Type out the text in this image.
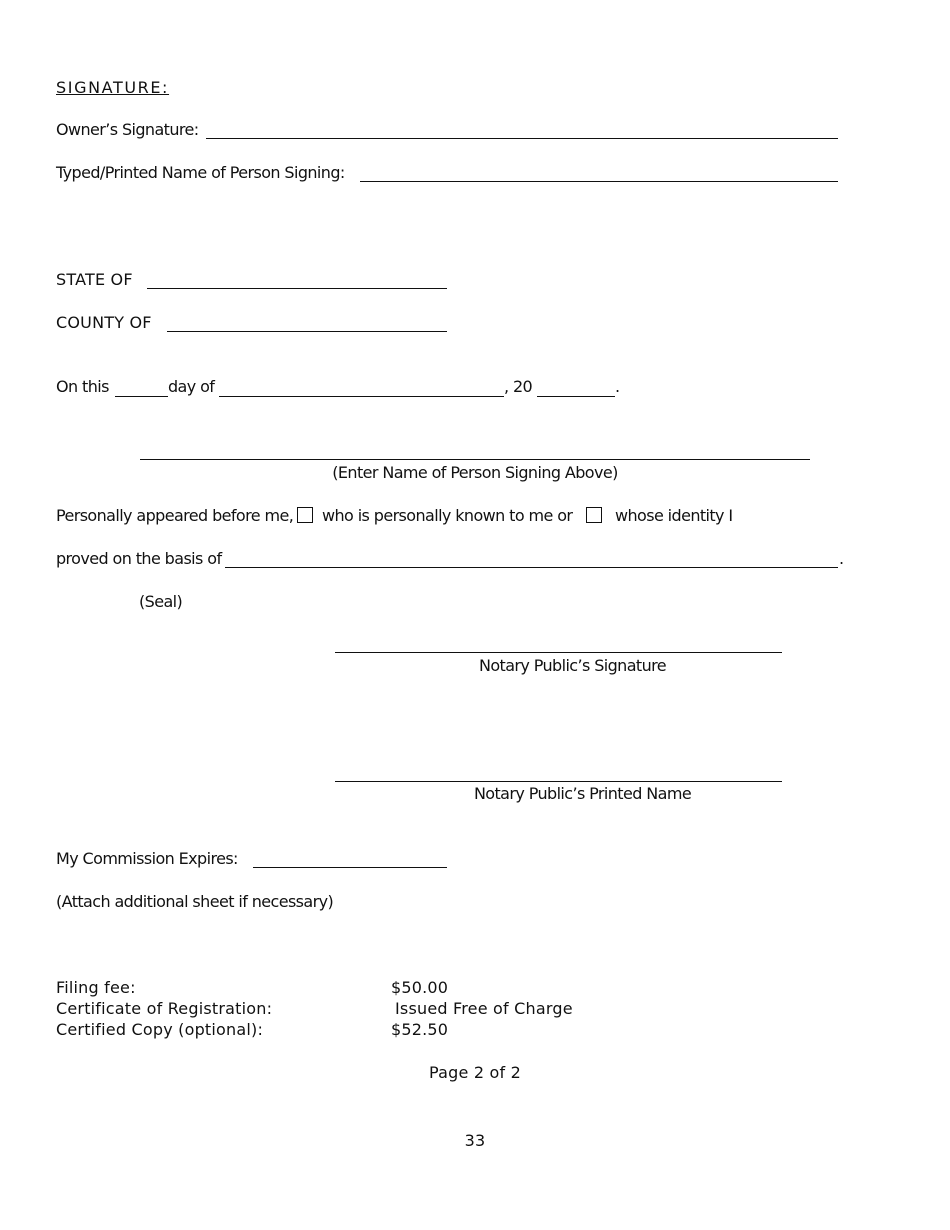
SIGNATURE:
Owner’s Signature:
Typed/Printed Name of Person Signing:
STATE OF
COUNTY OF
On this	day of	, 20	.
(Enter Name of Person Signing Above)
Personally appeared before me, who is personally known to me or	whose identity I
proved on the basis of	.
(Seal)
Notary Public’s Signature
Notary Public’s Printed Name
My Commission Expires:
(Attach additional sheet if necessary)
Filing fee:	$50.00
Certificate of Registration:	Issued Free of Charge
Certified Copy (optional):	$52.50
Page 2 of 2
33
